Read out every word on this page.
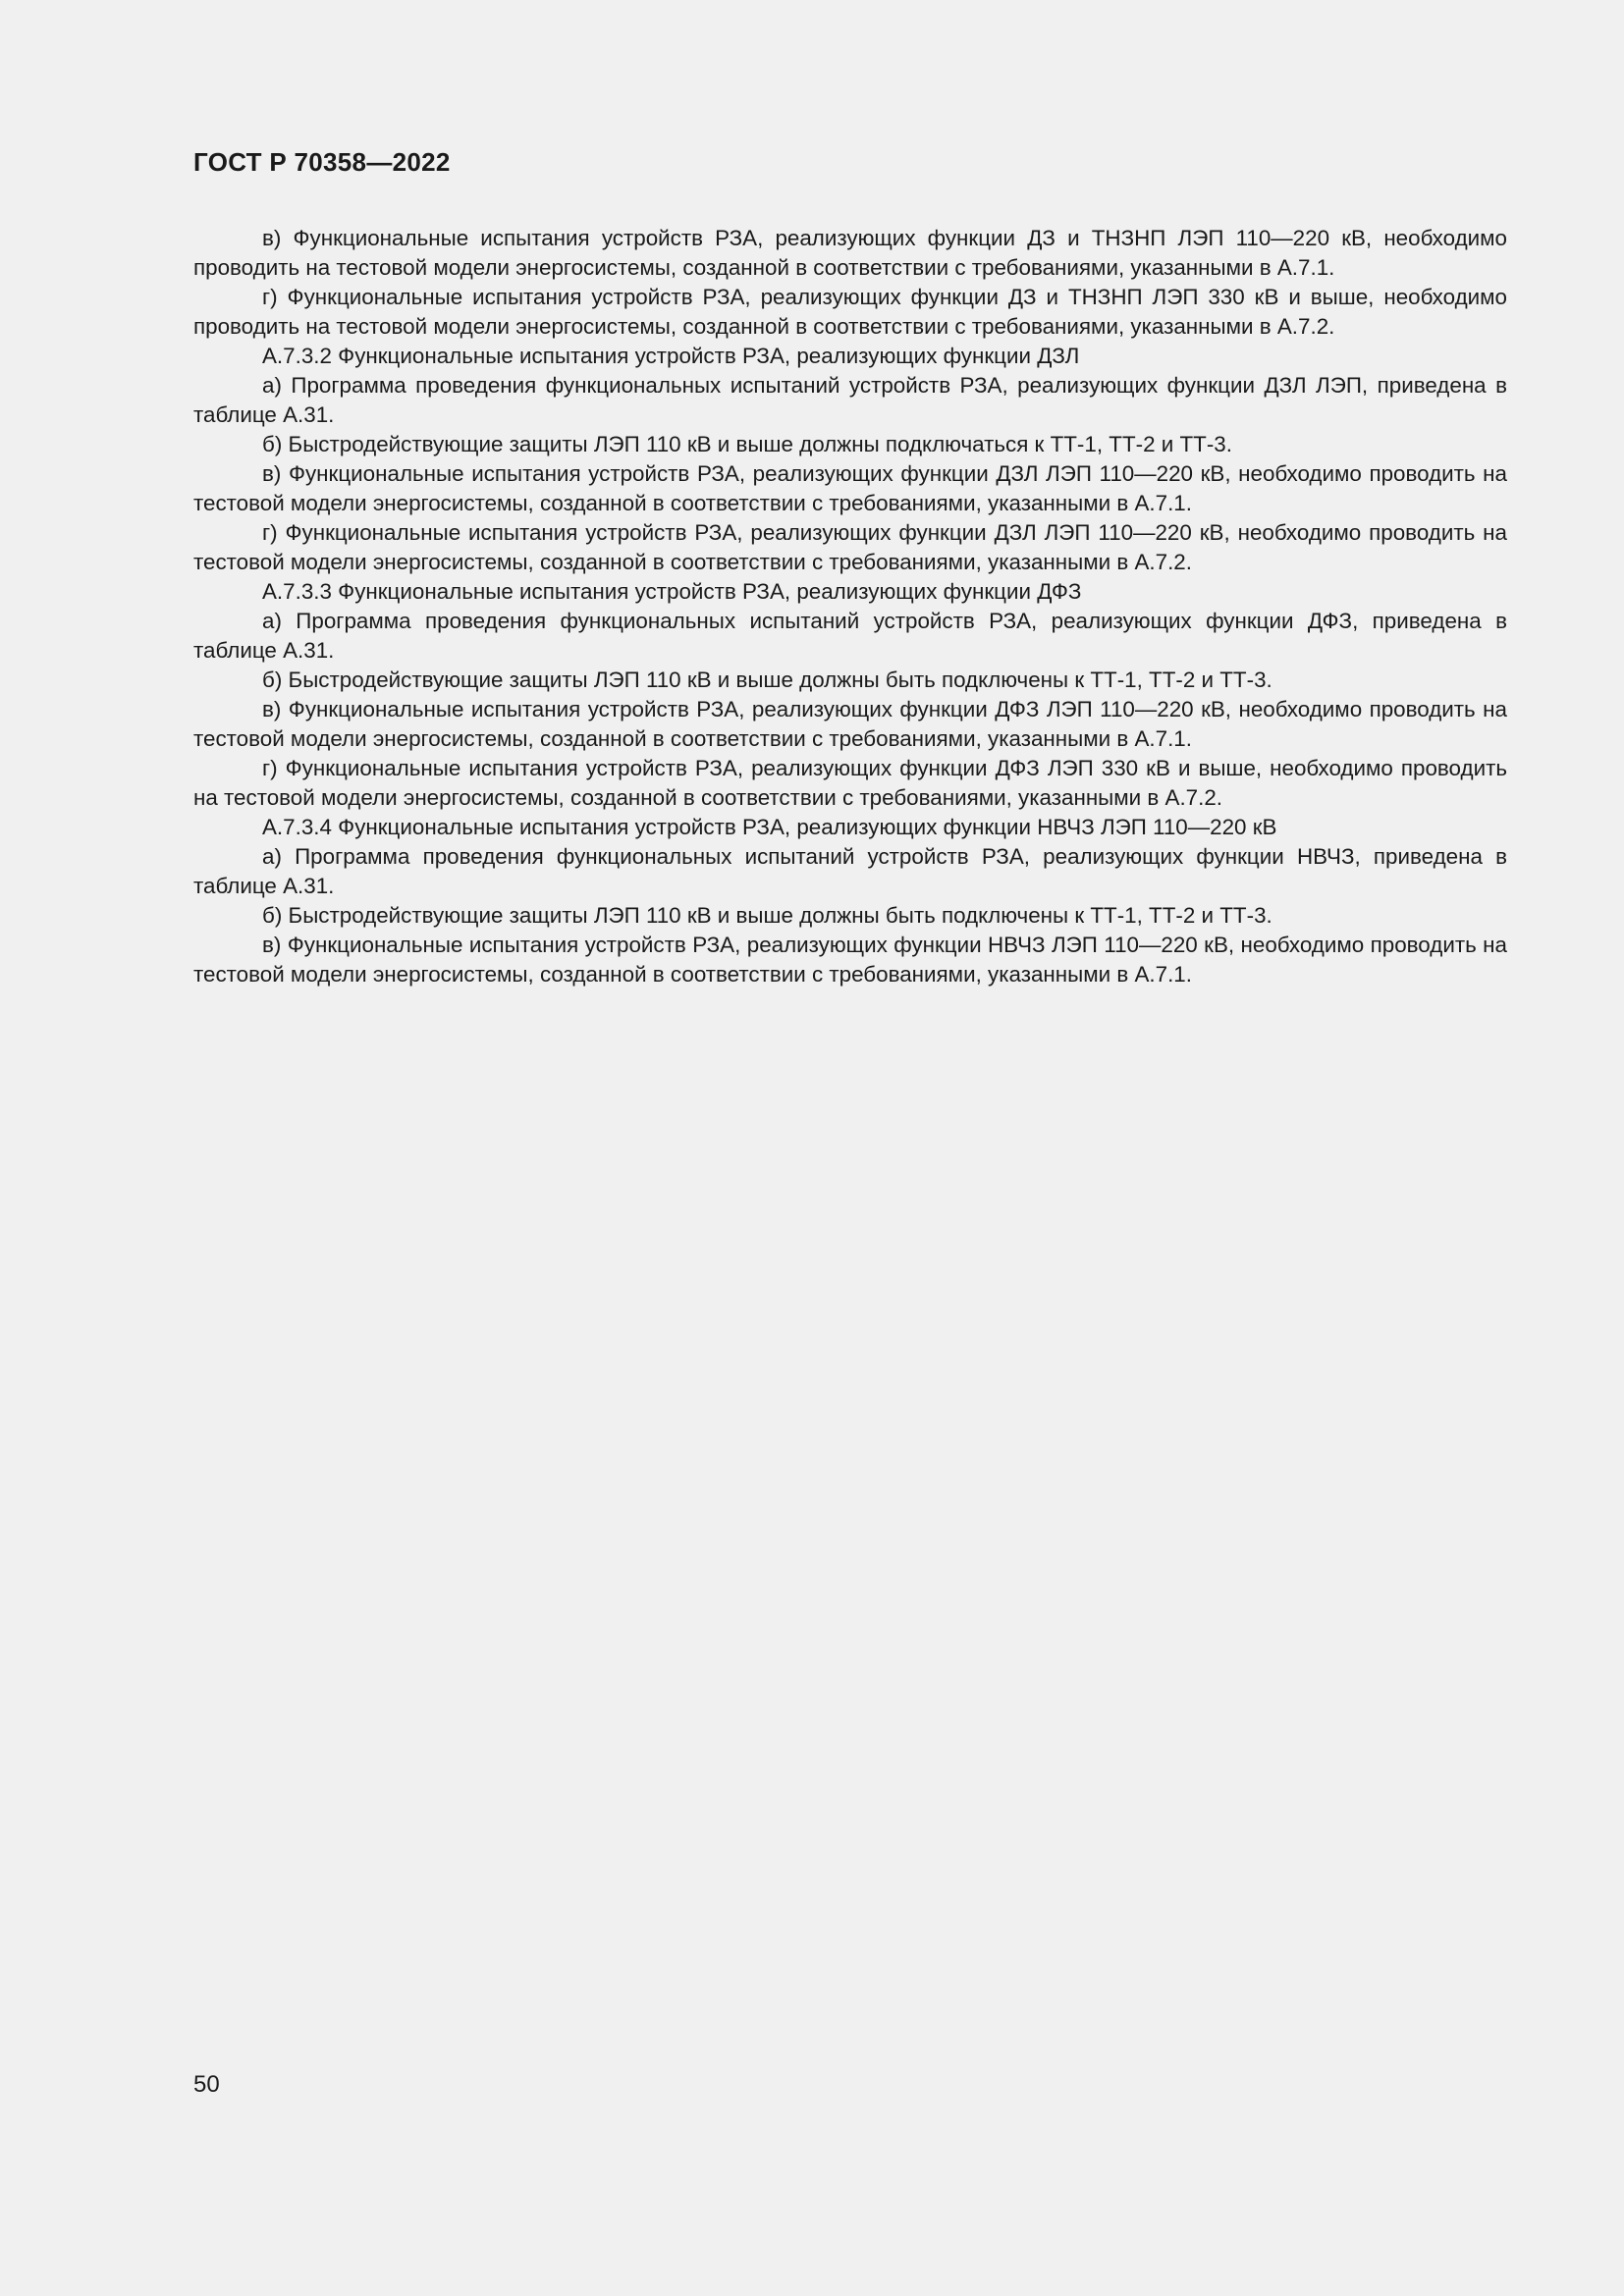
ГОСТ Р 70358—2022

в) Функциональные испытания устройств РЗА, реализующих функции ДЗ и ТНЗНП ЛЭП 110—220 кВ, необходимо проводить на тестовой модели энергосистемы, созданной в соответствии с требованиями, указанными в А.7.1.

г) Функциональные испытания устройств РЗА, реализующих функции ДЗ и ТНЗНП ЛЭП 330 кВ и выше, необходимо проводить на тестовой модели энергосистемы, созданной в соответствии с требованиями, указанными в А.7.2.

А.7.3.2 Функциональные испытания устройств РЗА, реализующих функции ДЗЛ

а) Программа проведения функциональных испытаний устройств РЗА, реализующих функции ДЗЛ ЛЭП, приведена в таблице А.31.

б) Быстродействующие защиты ЛЭП 110 кВ и выше должны подключаться к ТТ-1, ТТ-2 и ТТ-3.

в) Функциональные испытания устройств РЗА, реализующих функции ДЗЛ ЛЭП 110—220 кВ, необходимо проводить на тестовой модели энергосистемы, созданной в соответствии с требованиями, указанными в А.7.1.

г) Функциональные испытания устройств РЗА, реализующих функции ДЗЛ ЛЭП 110—220 кВ, необходимо проводить на тестовой модели энергосистемы, созданной в соответствии с требованиями, указанными в А.7.2.

А.7.3.3 Функциональные испытания устройств РЗА, реализующих функции ДФЗ

а) Программа проведения функциональных испытаний устройств РЗА, реализующих функции ДФЗ, приведена в таблице А.31.

б) Быстродействующие защиты ЛЭП 110 кВ и выше должны быть подключены к ТТ-1, ТТ-2 и ТТ-3.

в) Функциональные испытания устройств РЗА, реализующих функции ДФЗ ЛЭП 110—220 кВ, необходимо проводить на тестовой модели энергосистемы, созданной в соответствии с требованиями, указанными в А.7.1.

г) Функциональные испытания устройств РЗА, реализующих функции ДФЗ ЛЭП 330 кВ и выше, необходимо проводить на тестовой модели энергосистемы, созданной в соответствии с требованиями, указанными в А.7.2.

А.7.3.4 Функциональные испытания устройств РЗА, реализующих функции НВЧЗ ЛЭП 110—220 кВ

а) Программа проведения функциональных испытаний устройств РЗА, реализующих функции НВЧЗ, приведена в таблице А.31.

б) Быстродействующие защиты ЛЭП 110 кВ и выше должны быть подключены к ТТ-1, ТТ-2 и ТТ-3.

в) Функциональные испытания устройств РЗА, реализующих функции НВЧЗ ЛЭП 110—220 кВ, необходимо проводить на тестовой модели энергосистемы, созданной в соответствии с требованиями, указанными в А.7.1.

50
